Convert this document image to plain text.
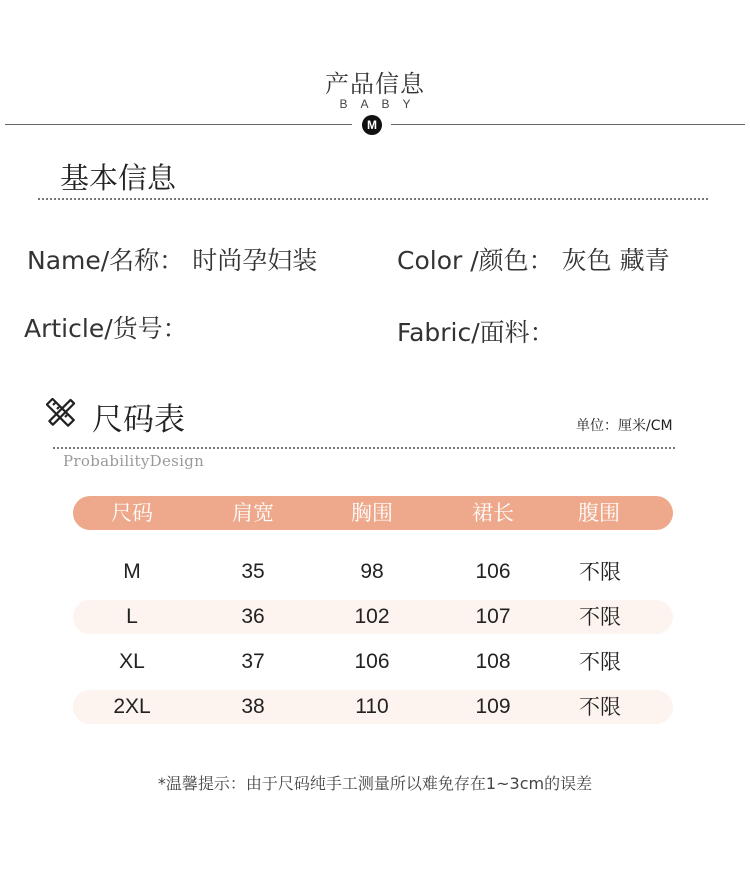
产品信息
BABY
M
基本信息
Name/名称： 时尚孕妇装	Color /颜色： 灰色 藏青
Article/货号：	Fabric/面料：
尺码表	单位：厘米/CM
ProbabilityDesign
尺码	肩宽	胸围	裙长	腹围
M	35	98	106	不限
L	36	102	107	不限
XL	37	106	108	不限
2XL	38	110	109	不限
*温馨提示：由于尺码纯手工测量所以难免存在1~3cm的误差
